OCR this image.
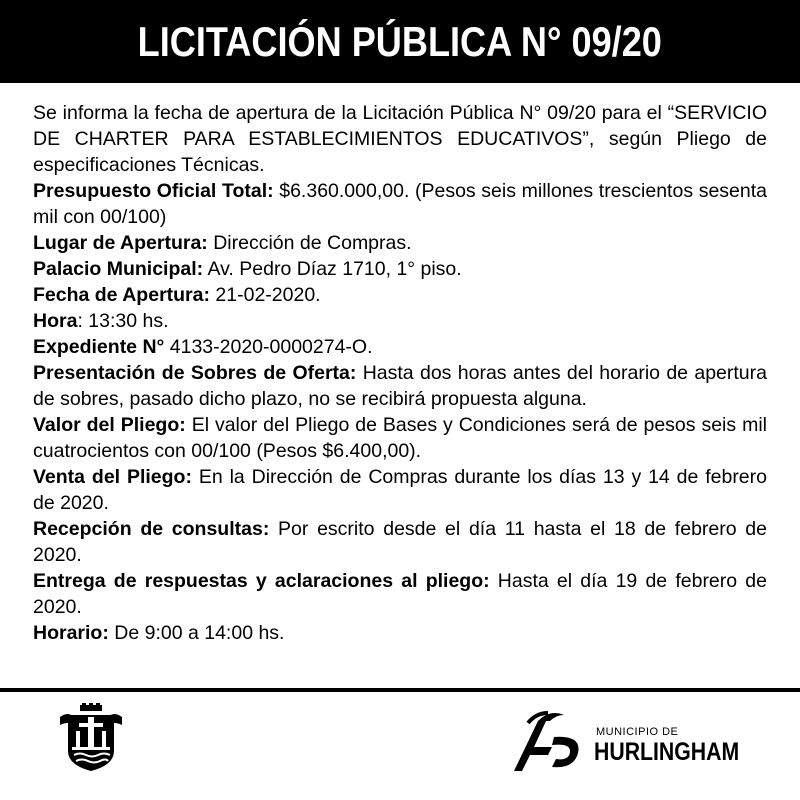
LICITACIÓN PÚBLICA N° 09/20
Se informa la fecha de apertura de la Licitación Pública N° 09/20 para el “SERVICIO DE CHARTER PARA ESTABLECIMIENTOS EDUCATIVOS”, según Pliego de especificaciones Técnicas.
Presupuesto Oficial Total: $6.360.000,00. (Pesos seis millones trescientos sesenta mil con 00/100)
Lugar de Apertura: Dirección de Compras.
Palacio Municipal: Av. Pedro Díaz 1710, 1° piso.
Fecha de Apertura: 21-02-2020.
Hora: 13:30 hs.
Expediente N° 4133-2020-0000274-O.
Presentación de Sobres de Oferta: Hasta dos horas antes del horario de apertura de sobres, pasado dicho plazo, no se recibirá propuesta alguna.
Valor del Pliego: El valor del Pliego de Bases y Condiciones será de pesos seis mil cuatrocientos con 00/100 (Pesos $6.400,00).
Venta del Pliego: En la Dirección de Compras durante los días 13 y 14 de febrero de 2020.
Recepción de consultas: Por escrito desde el día 11 hasta el 18 de febrero de 2020.
Entrega de respuestas y aclaraciones al pliego: Hasta el día 19 de febrero de 2020.
Horario: De 9:00 a 14:00 hs.
MUNICIPIO DE
HURLINGHAM
